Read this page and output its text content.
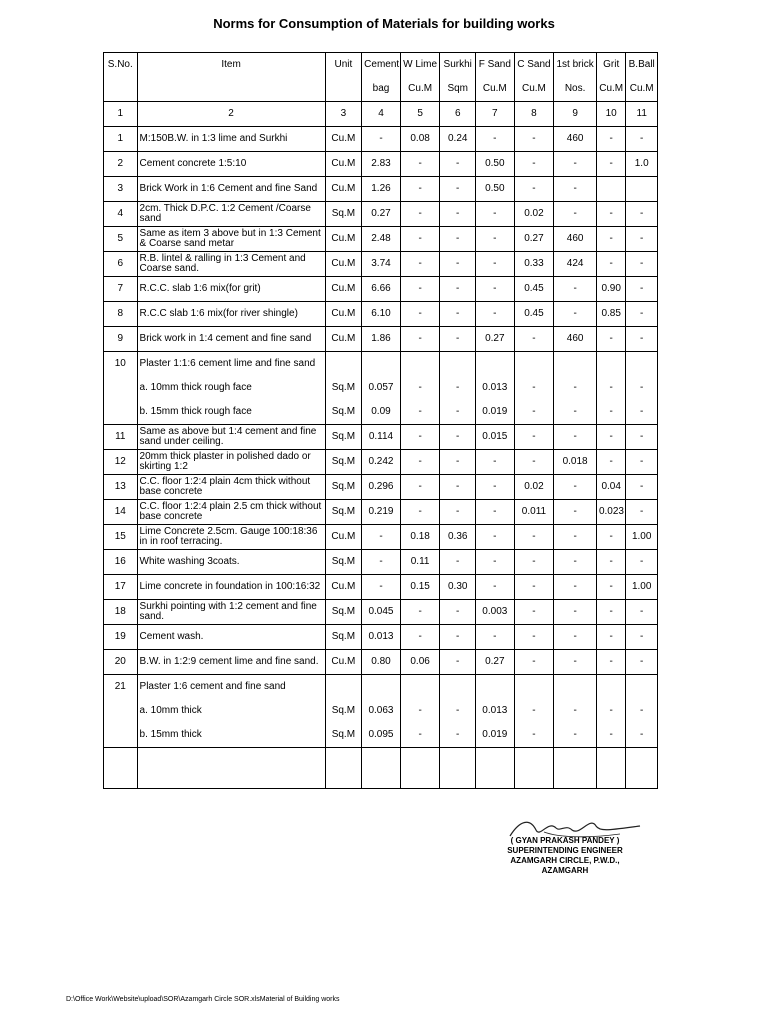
Norms for Consumption of Materials for building works
S.No.	Item	Unit	Cement	W Lime	Surkhi	F Sand	C Sand	1st brick	Grit	B.Ball
			bag	Cu.M	Sqm	Cu.M	Cu.M	Nos.	Cu.M	Cu.M
1	2	3	4	5	6	7	8	9	10	11
1	M:150B.W. in 1:3 lime and Surkhi	Cu.M	-	0.08	0.24	-	-	460	-	-
2	Cement concrete 1:5:10	Cu.M	2.83	-	-	0.50	-	-	-	1.0
3	Brick Work in 1:6 Cement and fine Sand	Cu.M	1.26	-	-	0.50	-	-		
4	2cm. Thick D.P.C. 1:2 Cement /Coarse sand	Sq.M	0.27	-	-	-	0.02	-	-	-
5	Same as item 3 above but in 1:3 Cement & Coarse sand metar	Cu.M	2.48	-	-	-	0.27	460	-	-
6	R.B. lintel & ralling in 1:3 Cement and Coarse sand.	Cu.M	3.74	-	-	-	0.33	424	-	-
7	R.C.C. slab 1:6 mix(for grit)	Cu.M	6.66	-	-	-	0.45	-	0.90	-
8	R.C.C slab 1:6 mix(for river shingle)	Cu.M	6.10	-	-	-	0.45	-	0.85	-
9	Brick work in 1:4 cement and fine sand	Cu.M	1.86	-	-	0.27	-	460	-	-
10	Plaster 1:1:6 cement lime and fine sand									
	a. 10mm thick rough face	Sq.M	0.057	-	-	0.013	-	-	-	-
	b. 15mm thick rough face	Sq.M	0.09	-	-	0.019	-	-	-	-
11	Same as above but 1:4 cement and fine sand under ceiling.	Sq.M	0.114	-	-	0.015	-	-	-	-
12	20mm thick plaster in polished dado or skirting 1:2	Sq.M	0.242	-	-	-	-	0.018	-	-
13	C.C. floor 1:2:4 plain 4cm thick without base concrete	Sq.M	0.296	-	-	-	0.02	-	0.04	-
14	C.C. floor 1:2:4 plain 2.5 cm thick without base concrete	Sq.M	0.219	-	-	-	0.011	-	0.023	-
15	Lime Concrete 2.5cm. Gauge 100:18:36 in in roof terracing.	Cu.M	-	0.18	0.36	-	-	-	-	1.00
16	White washing 3coats.	Sq.M	-	0.11	-	-	-	-	-	-
17	Lime concrete in foundation in 100:16:32	Cu.M	-	0.15	0.30	-	-	-	-	1.00
18	Surkhi pointing with 1:2 cement and fine sand.	Sq.M	0.045	-	-	0.003	-	-	-	-
19	Cement wash.	Sq.M	0.013	-	-	-	-	-	-	-
20	B.W. in 1:2:9 cement lime and fine sand.	Cu.M	0.80	0.06	-	0.27	-	-	-	-
21	Plaster 1:6 cement and fine sand									
	a. 10mm thick	Sq.M	0.063	-	-	0.013	-	-	-	-
	b. 15mm thick	Sq.M	0.095	-	-	0.019	-	-	-	-

( GYAN PRAKASH PANDEY )
SUPERINTENDING ENGINEER
AZAMGARH CIRCLE, P.W.D.,
AZAMGARH
D:\Office Work\Website\upload\SOR\Azamgarh Circle SOR.xlsMaterial of Building works
